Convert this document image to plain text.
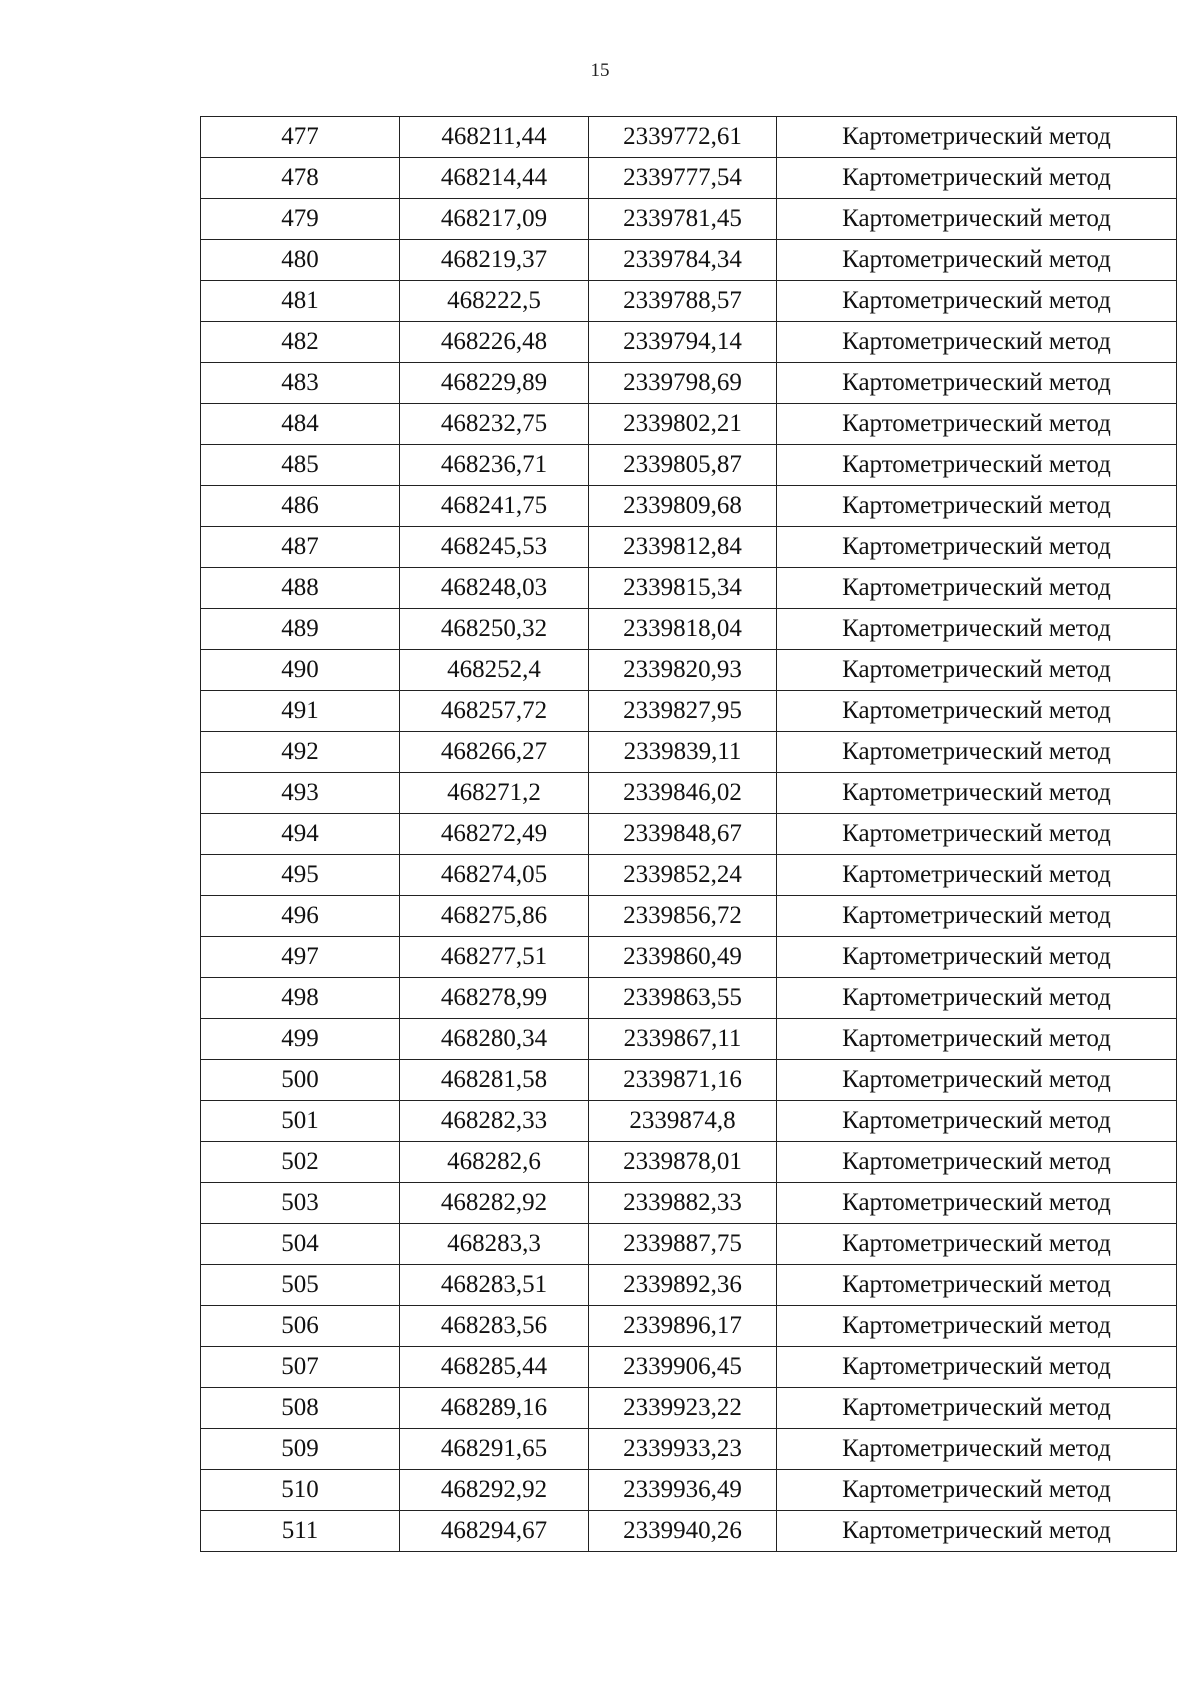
15
477	468211,44	2339772,61	Картометрический метод
478	468214,44	2339777,54	Картометрический метод
479	468217,09	2339781,45	Картометрический метод
480	468219,37	2339784,34	Картометрический метод
481	468222,5	2339788,57	Картометрический метод
482	468226,48	2339794,14	Картометрический метод
483	468229,89	2339798,69	Картометрический метод
484	468232,75	2339802,21	Картометрический метод
485	468236,71	2339805,87	Картометрический метод
486	468241,75	2339809,68	Картометрический метод
487	468245,53	2339812,84	Картометрический метод
488	468248,03	2339815,34	Картометрический метод
489	468250,32	2339818,04	Картометрический метод
490	468252,4	2339820,93	Картометрический метод
491	468257,72	2339827,95	Картометрический метод
492	468266,27	2339839,11	Картометрический метод
493	468271,2	2339846,02	Картометрический метод
494	468272,49	2339848,67	Картометрический метод
495	468274,05	2339852,24	Картометрический метод
496	468275,86	2339856,72	Картометрический метод
497	468277,51	2339860,49	Картометрический метод
498	468278,99	2339863,55	Картометрический метод
499	468280,34	2339867,11	Картометрический метод
500	468281,58	2339871,16	Картометрический метод
501	468282,33	2339874,8	Картометрический метод
502	468282,6	2339878,01	Картометрический метод
503	468282,92	2339882,33	Картометрический метод
504	468283,3	2339887,75	Картометрический метод
505	468283,51	2339892,36	Картометрический метод
506	468283,56	2339896,17	Картометрический метод
507	468285,44	2339906,45	Картометрический метод
508	468289,16	2339923,22	Картометрический метод
509	468291,65	2339933,23	Картометрический метод
510	468292,92	2339936,49	Картометрический метод
511	468294,67	2339940,26	Картометрический метод
